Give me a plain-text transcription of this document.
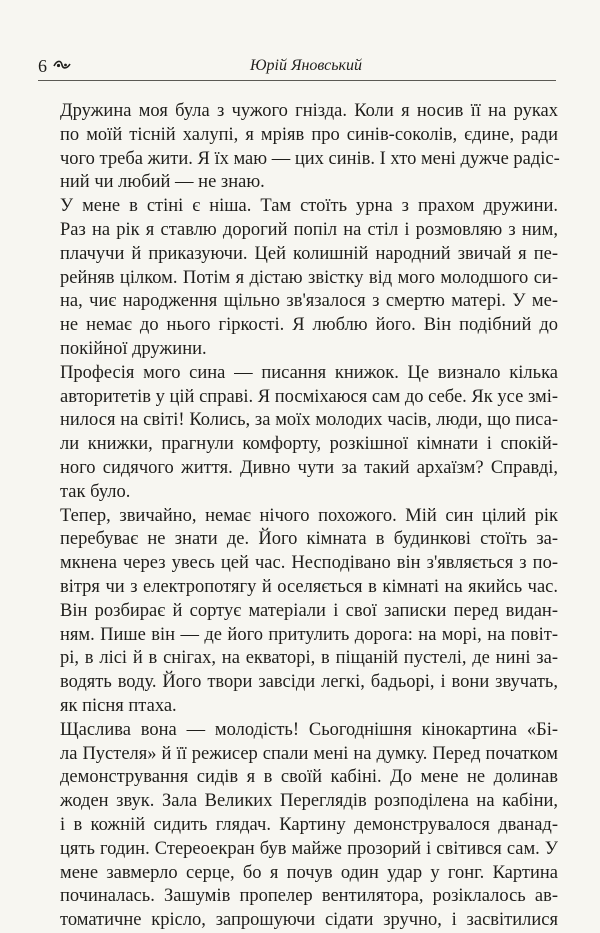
6	Юрій Яновський
Дружина моя була з чужого гнізда. Коли я носив її на руках
по моїй тісній халупі, я мріяв про синів-соколів, єдине, ради
чого треба жити. Я їх маю — цих синів. І хто мені дужче радіс-
ний чи любий — не знаю.
У мене в стіні є ніша. Там стоїть урна з прахом дружини.
Раз на рік я ставлю дорогий попіл на стіл і розмовляю з ним,
плачучи й приказуючи. Цей колишній народний звичай я пе-
рейняв цілком. Потім я дістаю звістку від мого молодшого си-
на, чиє народження щільно зв'язалося з смертю матері. У ме-
не немає до нього гіркості. Я люблю його. Він подібний до
покійної дружини.
Професія мого сина — писання книжок. Це визнало кілька
авторитетів у цій справі. Я посміхаюся сам до себе. Як усе змі-
нилося на світі! Колись, за моїх молодих часів, люди, що писа-
ли книжки, прагнули комфорту, розкішної кімнати і спокій-
ного сидячого життя. Дивно чути за такий архаїзм? Справді,
так було.
Тепер, звичайно, немає нічого похожого. Мій син цілий рік
перебуває не знати де. Його кімната в будинкові стоїть за-
мкнена через увесь цей час. Несподівано він з'являється з по-
вітря чи з електропотягу й оселяється в кімнаті на якийсь час.
Він розбирає й сортує матеріали і свої записки перед видан-
ням. Пише він — де його притулить дорога: на морі, на повіт-
рі, в лісі й в снігах, на екваторі, в піщаній пустелі, де нині за-
водять воду. Його твори завсіди легкі, бадьорі, і вони звучать,
як пісня птаха.
Щаслива вона — молодість! Сьогоднішня кінокартина «Бі-
ла Пустеля» й її режисер спали мені на думку. Перед початком
демонстрування сидів я в своїй кабіні. До мене не долинав
жоден звук. Зала Великих Переглядів розподілена на кабіни,
і в кожній сидить глядач. Картину демонструвалося дванад-
цять годин. Стереоекран був майже прозорий і світився сам. У
мене завмерло серце, бо я почув один удар у гонг. Картина
починалась. Зашумів пропелер вентилятора, розіклалось ав-
томатичне крісло, запрошуючи сідати зручно, і засвітилися
